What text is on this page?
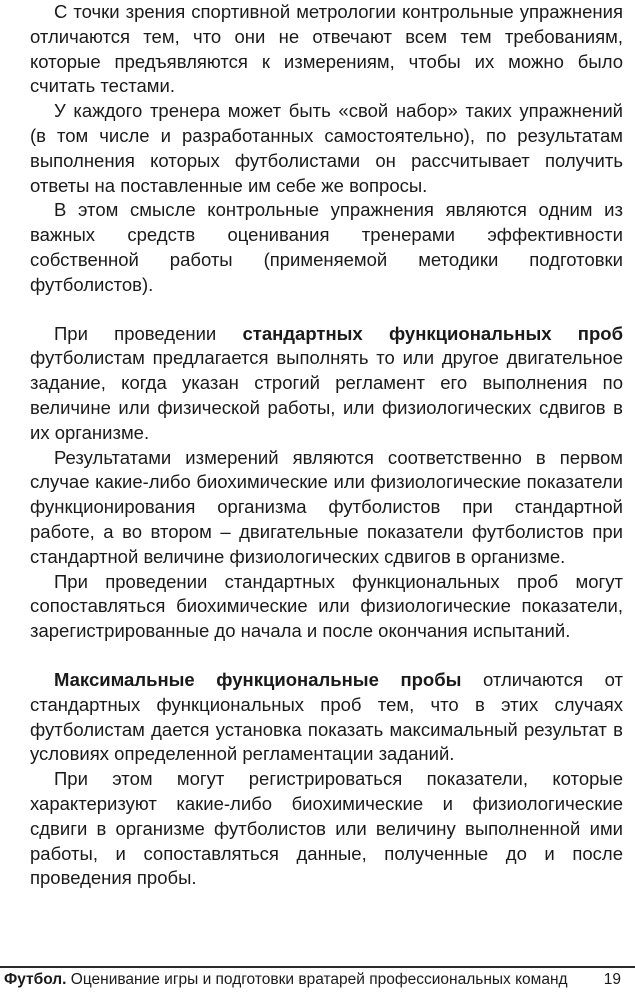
С точки зрения спортивной метрологии контрольные упражнения отличаются тем, что они не отвечают всем тем требованиям, которые предъявляются к измерениям, чтобы их можно было считать тестами.

У каждого тренера может быть «свой набор» таких упражнений (в том числе и разработанных самостоятельно), по результатам выполнения которых футболистами он рассчитывает получить ответы на поставленные им себе же вопросы.

В этом смысле контрольные упражнения являются одним из важных средств оценивания тренерами эффективности собственной работы (применяемой методики подготовки футболистов).

При проведении стандартных функциональных проб футболистам предлагается выполнять то или другое двигательное задание, когда указан строгий регламент его выполнения по величине или физической работы, или физиологических сдвигов в их организме.

Результатами измерений являются соответственно в первом случае какие-либо биохимические или физиологические показатели функционирования организма футболистов при стандартной работе, а во втором – двигательные показатели футболистов при стандартной величине физиологических сдвигов в организме.

При проведении стандартных функциональных проб могут сопоставляться биохимические или физиологические показатели, зарегистрированные до начала и после окончания испытаний.

Максимальные функциональные пробы отличаются от стандартных функциональных проб тем, что в этих случаях футболистам дается установка показать максимальный результат в условиях определенной регламентации заданий.

При этом могут регистрироваться показатели, которые характеризуют какие-либо биохимические и физиологические сдвиги в организме футболистов или величину выполненной ими работы, и сопоставляться данные, полученные до и после проведения пробы.

Футбол. Оценивание игры и подготовки вратарей профессиональных команд 19
